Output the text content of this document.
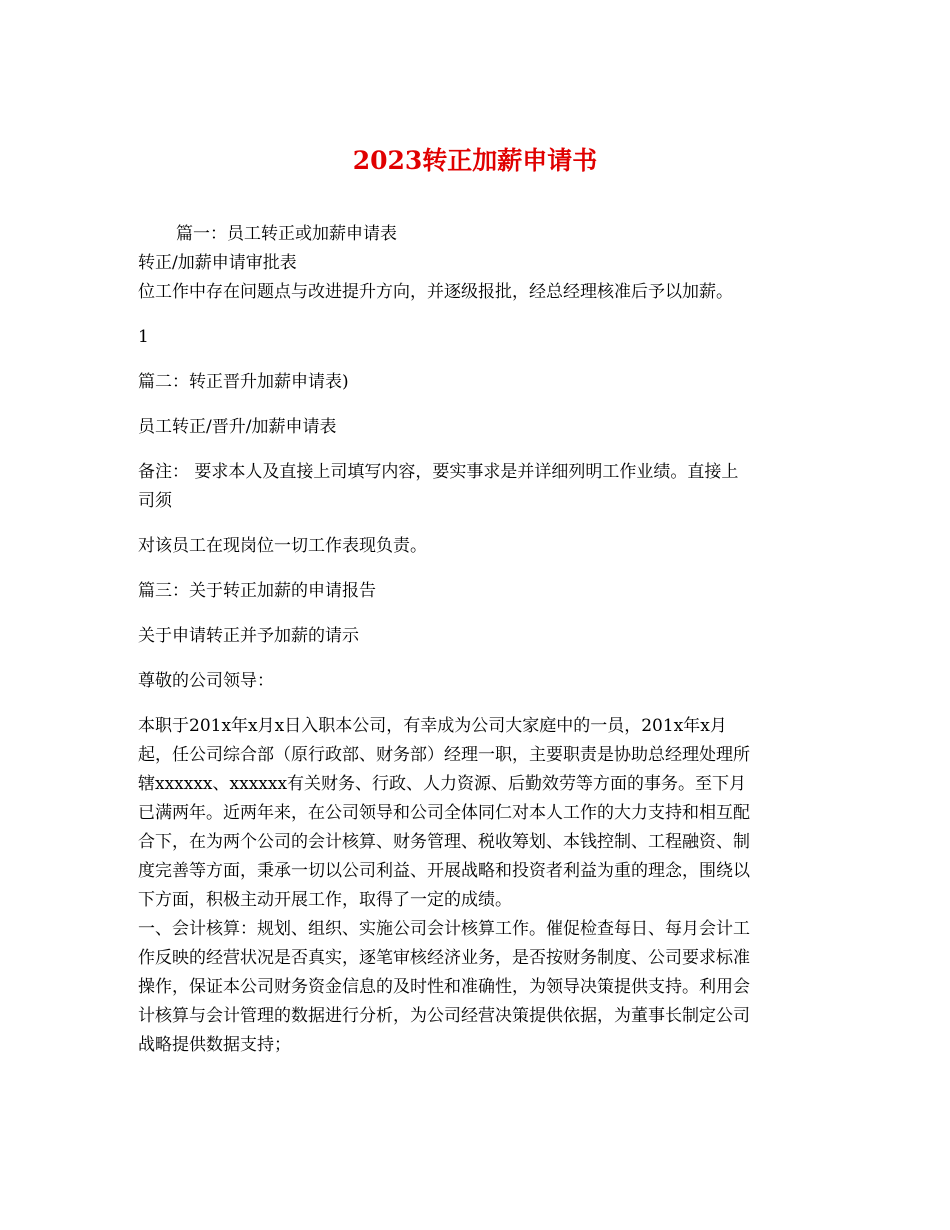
2023转正加薪申请书
篇一：员工转正或加薪申请表
转正/加薪申请审批表
位工作中存在问题点与改进提升方向，并逐级报批，经总经理核准后予以加薪。
1
篇二：转正晋升加薪申请表)
员工转正/晋升/加薪申请表
备注： 要求本人及直接上司填写内容，要实事求是并详细列明工作业绩。直接上
司须
对该员工在现岗位一切工作表现负责。
篇三：关于转正加薪的申请报告
关于申请转正并予加薪的请示
尊敬的公司领导：
本职于201x年x月x日入职本公司，有幸成为公司大家庭中的一员，201x年x月
起，任公司综合部（原行政部、财务部）经理一职，主要职责是协助总经理处理所
辖xxxxxx、xxxxxx有关财务、行政、人力资源、后勤效劳等方面的事务。至下月
已满两年。近两年来，在公司领导和公司全体同仁对本人工作的大力支持和相互配
合下，在为两个公司的会计核算、财务管理、税收筹划、本钱控制、工程融资、制
度完善等方面，秉承一切以公司利益、开展战略和投资者利益为重的理念，围绕以
下方面，积极主动开展工作，取得了一定的成绩。
一、会计核算：规划、组织、实施公司会计核算工作。催促检查每日、每月会计工
作反映的经营状况是否真实，逐笔审核经济业务，是否按财务制度、公司要求标准
操作，保证本公司财务资金信息的及时性和准确性，为领导决策提供支持。利用会
计核算与会计管理的数据进行分析，为公司经营决策提供依据，为董事长制定公司
战略提供数据支持；
